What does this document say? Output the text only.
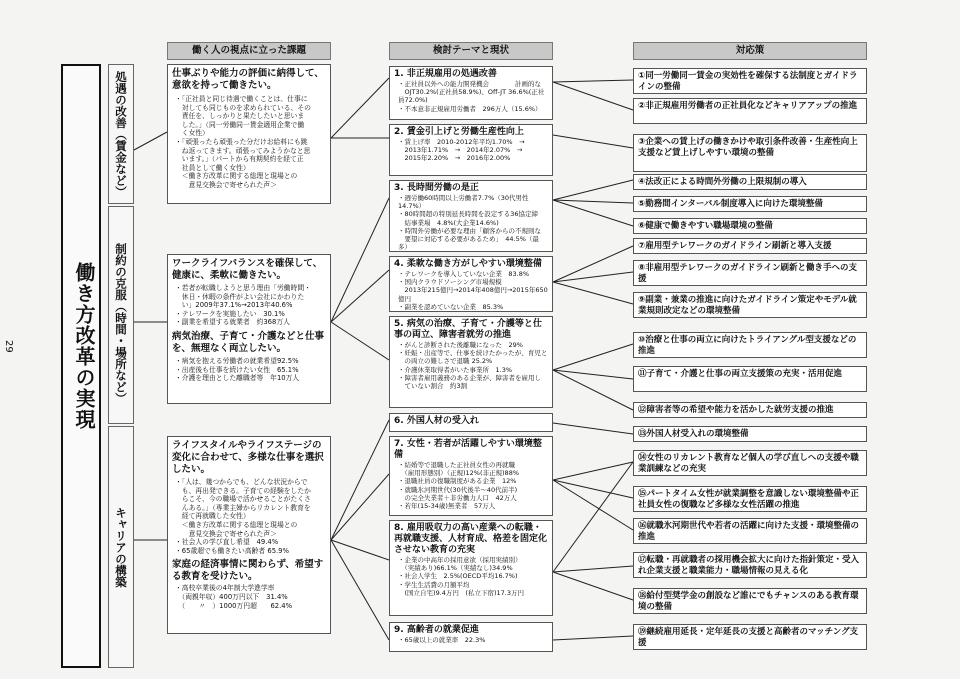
29	働き方改革の実現
処遇の改善（賃金など）
制約の克服（時間・場所など）
キャリアの構築
働く人の視点に立った課題	検討テーマと現状	対応策
仕事ぶりや能力の評価に納得して、意欲を持って働きたい。
・「正社員と同じ待遇で働くことは、仕事に
　対しても同じものを求められている、その
　責任を、しっかりと果たしたいと思いま
　した。」（同一労働同一賃金適用企業で働
　く女性）
・「頑張ったら頑張った分だけお給料にも跳
　ね返ってきます。頑張ってみようかなと思
　います。」（パートから有期契約を経て正
　社員として働く女性）
　＜働き方改革に関する総理と現場との
　　意見交換会で寄せられた声＞
ワークライフバランスを確保して、健康に、柔軟に働きたい。
・若者が転職しようと思う理由「労働時間・
　休日・休暇の条件がよい会社にかわりた
　い」2009年37.1%→2013年40.6%
・テレワークを実施したい　30.1%
・副業を希望する就業者　約368万人
病気治療、子育て・介護などと仕事を、無理なく両立したい。
・病気を抱える労働者の就業希望92.5%
・出産後も仕事を続けたい女性　65.1%
・介護を理由とした離職者等　年10万人
ライフスタイルやライフステージの変化に合わせて、多様な仕事を選択したい。
・「人は、幾つからでも、どんな状況からで
　も、再出発できる。子育ての経験をしたか
　らこそ、今の職場で活かせることがたくさ
　んある。」（専業主婦からリカレント教育を
　経て再就職した女性）
　＜働き方改革に関する総理と現場との
　　意見交換会で寄せられた声＞
・社会人の学び直し希望　49.4%
・65歳超でも働きたい高齢者 65.9%
家庭の経済事情に関わらず、希望する教育を受けたい。
・高校卒業後の4年制大学進学率
　（両親年収）400万円以下　31.4%
　（　　〃　）1000万円超　　62.4%
1. 非正規雇用の処遇改善
・正社員以外への能力開発機会　　　　計画的な
　OJT30.2%(正社員58.9%)、Off-JT 36.6%(正社員72.0%)
・不本意非正規雇用労働者　296万人（15.6%）
2. 賃金引上げと労働生産性向上
・賃上げ率　2010-2012年平均1.70%　→
　2013年1.71%　→　2014年2.07%　→
　2015年2.20%　→　2016年2.00%
3. 長時間労働の是正
・週労働60時間以上労働者7.7%（30代男性14.7%）
・80時間超の特別延長時間を設定する36協定締
　結事業場　4.8%(大企業14.6%)
・時間外労働が必要な理由「顧客からの不規則な
　要望に対応する必要があるため」　44.5%（最多）
4. 柔軟な働き方がしやすい環境整備
・テレワークを導入していない企業　83.8%
・国内クラウドソーシング市場規模
　2013年215億円→2014年408億円→2015年650億円
・副業を認めていない企業　85.3%
5. 病気の治療、子育て・介護等と仕事の両立、障害者就労の推進
・がんと診断された後離職になった　29%
・妊娠・出産等で、仕事を続けたかったが、育児と
　の両立の難しさで退職 25.2%
・介護休業取得者がいた事業所　1.3%
・障害者雇用義務のある企業が、障害者を雇用し
　ていない割合　約3割
6. 外国人材の受入れ
7. 女性・若者が活躍しやすい環境整備
・結婚等で退職した正社員女性の再就職
　（雇用形態別）（正規)12%(非正規)88%
・退職社員の復職制度がある企業　12%
・就職氷河期世代(30代後半〜40代前半)
　の完全失業者＋非労働力人口　42万人
・若年(15-34歳)無業者　57万人
8. 雇用吸収力の高い産業への転職・再就職支援、人材育成、格差を固定化させない教育の充実
・企業の中高年の採用意欲（採用実績別）
　（実績あり)66.1%（実績なし)34.9%
・社会人学生　2.5%(OECD平均16.7%)
・学生生活費の月額平均
　(国立自宅)9.4万円　(私立下宿)17.3万円
9. 高齢者の就業促進
・65歳以上の就業率　22.3%
①同一労働同一賃金の実効性を確保する法制度とガイドラインの整備
②非正規雇用労働者の正社員化などキャリアアップの推進
③企業への賃上げの働きかけや取引条件改善・生産性向上支援など賃上げしやすい環境の整備
④法改正による時間外労働の上限規制の導入
⑤勤務間インターバル制度導入に向けた環境整備
⑥健康で働きやすい職場環境の整備
⑦雇用型テレワークのガイドライン刷新と導入支援
⑧非雇用型テレワークのガイドライン刷新と働き手への支援
⑨副業・兼業の推進に向けたガイドライン策定やモデル就業規則改定などの環境整備
⑩治療と仕事の両立に向けたトライアングル型支援などの推進
⑪子育て・介護と仕事の両立支援策の充実・活用促進
⑫障害者等の希望や能力を活かした就労支援の推進
⑬外国人材受入れの環境整備
⑭女性のリカレント教育など個人の学び直しへの支援や職業訓練などの充実
⑮パートタイム女性が就業調整を意識しない環境整備や正社員女性の復職など多様な女性活躍の推進
⑯就職氷河期世代や若者の活躍に向けた支援・環境整備の推進
⑰転職・再就職者の採用機会拡大に向けた指針策定・受入れ企業支援と職業能力・職場情報の見える化
⑱給付型奨学金の創設など誰にでもチャンスのある教育環境の整備
⑲継続雇用延長・定年延長の支援と高齢者のマッチング支援
